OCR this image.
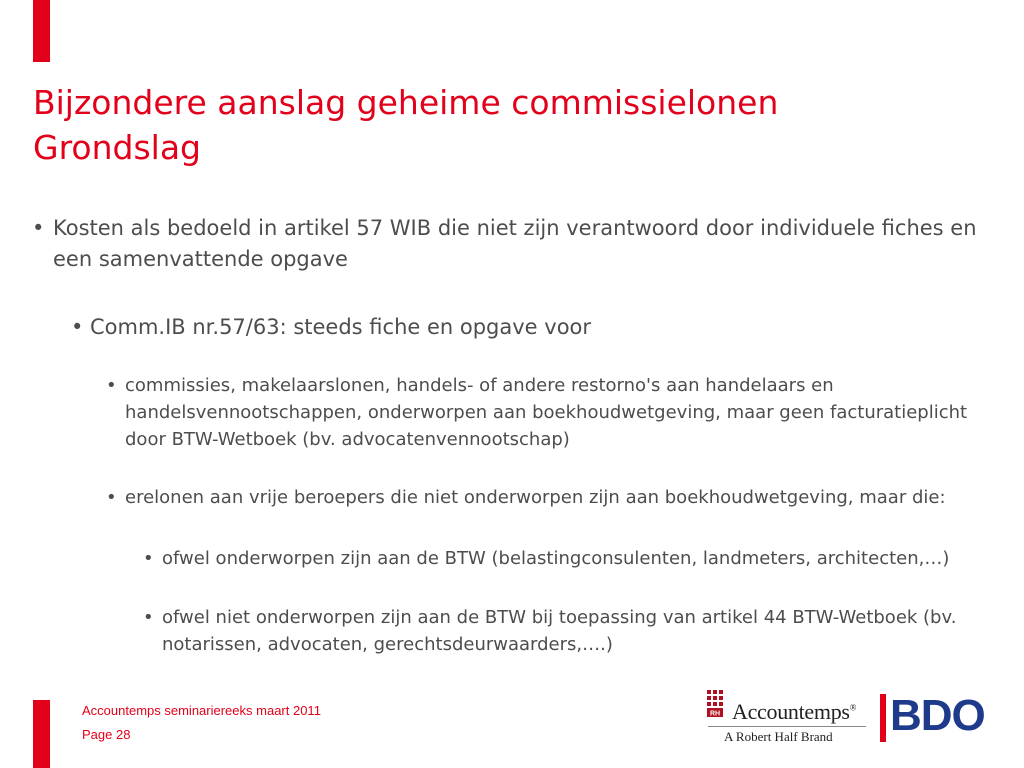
Bijzondere aanslag geheime commissielonen
Grondslag
• Kosten als bedoeld in artikel 57 WIB die niet zijn verantwoord door individuele fiches en een samenvattende opgave
• Comm.IB nr.57/63: steeds fiche en opgave voor
• commissies, makelaarslonen, handels- of andere restorno's aan handelaars en handelsvennootschappen, onderworpen aan boekhoudwetgeving, maar geen facturatieplicht door BTW-Wetboek (bv. advocatenvennootschap)
• erelonen aan vrije beroepers die niet onderworpen zijn aan boekhoudwetgeving, maar die:
• ofwel onderworpen zijn aan de BTW (belastingconsulenten, landmeters, architecten,…)
• ofwel niet onderworpen zijn aan de BTW bij toepassing van artikel 44 BTW-Wetboek (bv. notarissen, advocaten, gerechtsdeurwaarders,….)
Accountemps seminariereeks maart 2011
Page 28
RH Accountemps®
A Robert Half Brand BDO
